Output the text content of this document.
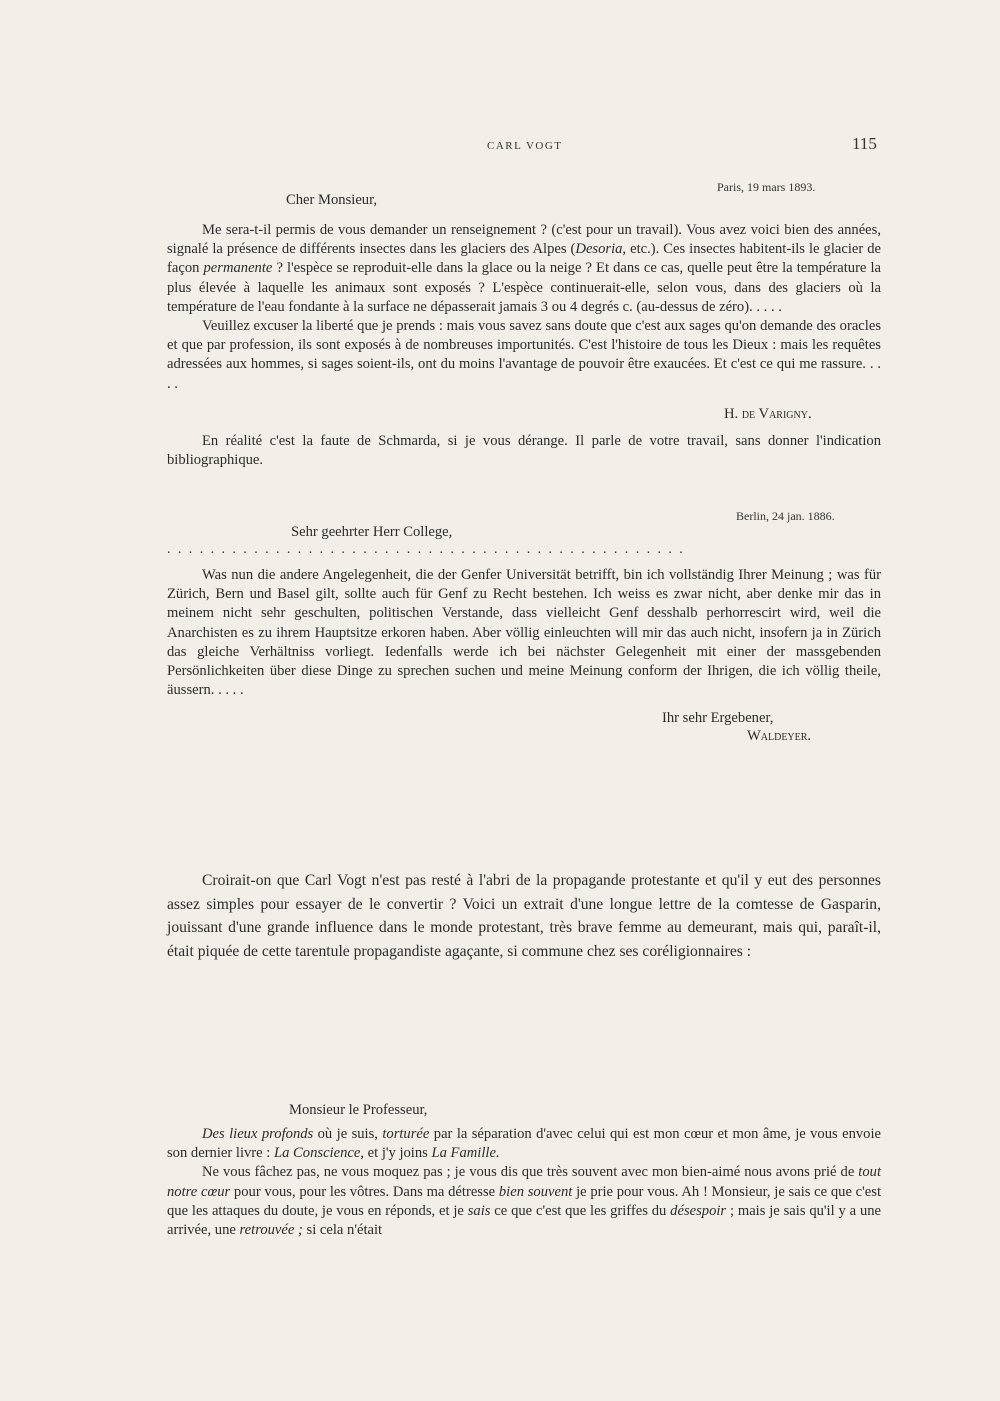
CARL VOGT	115
Paris, 19 mars 1893.
Cher Monsieur,

Me sera-t-il permis de vous demander un renseignement ? (c'est pour un travail). Vous avez voici bien des années, signalé la présence de différents insectes dans les glaciers des Alpes (Desoria, etc.). Ces insectes habitent-ils le glacier de façon permanente ? l'espèce se reproduit-elle dans la glace ou la neige ? Et dans ce cas, quelle peut être la température la plus élevée à laquelle les animaux sont exposés ? L'espèce continuerait-elle, selon vous, dans des glaciers où la température de l'eau fondante à la surface ne dépasserait jamais 3 ou 4 degrés c. (au-dessus de zéro). . . . .

Veuillez excuser la liberté que je prends : mais vous savez sans doute que c'est aux sages qu'on demande des oracles et que par profession, ils sont exposés à de nombreuses importunités. C'est l'histoire de tous les Dieux : mais les requêtes adressées aux hommes, si sages soient-ils, ont du moins l'avantage de pouvoir être exaucées. Et c'est ce qui me rassure. . . . .

H. de Varigny.

En réalité c'est la faute de Schmarda, si je vous dérange. Il parle de votre travail, sans donner l'indication bibliographique.

Berlin, 24 jan. 1886.
Sehr geehrter Herr College,
................................................

Was nun die andere Angelegenheit, die der Genfer Universität betrifft, bin ich vollständig Ihrer Meinung ; was für Zürich, Bern und Basel gilt, sollte auch für Genf zu Recht bestehen. Ich weiss es zwar nicht, aber denke mir das in meinem nicht sehr geschulten, politischen Verstande, dass vielleicht Genf desshalb perhorrescirt wird, weil die Anarchisten es zu ihrem Hauptsitze erkoren haben. Aber völlig einleuchten will mir das auch nicht, insofern ja in Zürich das gleiche Verhältniss vorliegt. Iedenfalls werde ich bei nächster Gelegenheit mit einer der massgebenden Persönlichkeiten über diese Dinge zu sprechen suchen und meine Meinung conform der Ihrigen, die ich völlig theile, äussern. . . . .

Ihr sehr Ergebener,
Waldeyer.

Croirait-on que Carl Vogt n'est pas resté à l'abri de la propagande protestante et qu'il y eut des personnes assez simples pour essayer de le convertir ? Voici un extrait d'une longue lettre de la comtesse de Gasparin, jouissant d'une grande influence dans le monde protestant, très brave femme au demeurant, mais qui, paraît-il, était piquée de cette tarentule propagandiste agaçante, si commune chez ses coréligionnaires :

Monsieur le Professeur,

Des lieux profonds où je suis, torturée par la séparation d'avec celui qui est mon cœur et mon âme, je vous envoie son dernier livre : La Conscience, et j'y joins La Famille.

Ne vous fâchez pas, ne vous moquez pas ; je vous dis que très souvent avec mon bien-aimé nous avons prié de tout notre cœur pour vous, pour les vôtres. Dans ma détresse bien souvent je prie pour vous. Ah ! Monsieur, je sais ce que c'est que les attaques du doute, je vous en réponds, et je sais ce que c'est que les griffes du désespoir ; mais je sais qu'il y a une arrivée, une retrouvée ; si cela n'était
